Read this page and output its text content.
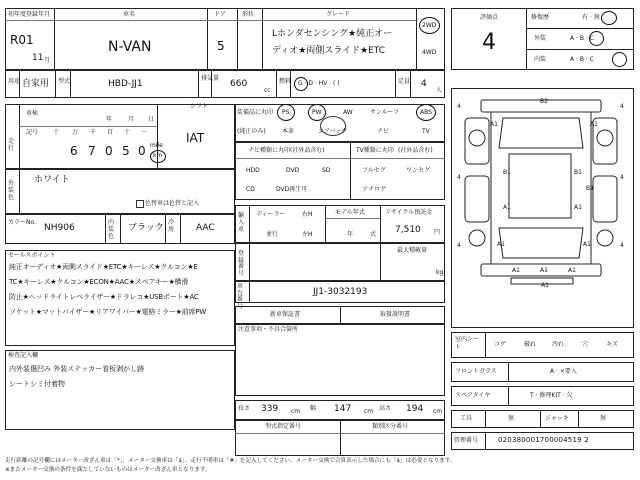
初年度登録年月
R01
11 月
車名
N-VAN
ドア
5
形状	グレード
Lホンダセンシング★純正オー
ディオ★両側スライド★ETC
2WD
4WD
用途 自家用 型式	HBD-JJ1
排気量
660
cc
燃料 G · D · HV · ( )	定員 4
人
評価点
4
修復歴	有 · 無
外装	A · B · C
内装	A · B · C
車検
年	月 日
走行
記号 十 万 千 百 十 一
6 7 0 5 0 mile
km
シフト
IAT
装備品に丸印
(純正のみ)
PS	PW	AW	サンルーフ	ABS
本革	エアバック	ナビ	TV
ナビ種類に丸印 (社外品含む)
HDD	DVD	SD
CD	DVD再生可
TV種類に丸印 (社外品含む)
フルセグ	ワンセグ
アナログ
外装色
ホワイト
色替車は色替と記入
カラーNo.
NH906
内装色
ブラック
冷房	AAC
輸入車
ディーラー
並行
右H
左H
モデル年式
年	式
リサイクル預託金
7,510 円
登録番号
最大積載量
kg
車台番号
JJ1-3032193
セールスポイント
純正オーディオ★両側スライド★ETC★キーレス★クルコン★E
TC★キーレス★クルコン★ECON★AAC★スペアキー★横滑
防止★ヘッドライトレベライザー★ドラレコ★USBポート★AC
ソケット★マットバイザー★リアワイパー★電格ミラー★前席PW	新車保証書	取扱説明書
注意事項・不具合箇所
検査記入欄
内外装傷凹み 外装ステッカー看板剥がし跡
シートシミ付着物
長さ 339 cm 幅 147 cm 高さ 194 cm
型式指定番号	類別区分番号
4	4
4	4
4	4
B2
A1	A1
B1	B1
A1	A1
B1
A1	A1
A1	A1	A1
A1
室内シート	コゲ	破れ	汚れ	穴	キズ
フロントガラス	A · ×要入
スペアタイヤ	T · 修理KIT · 欠
工具	無	ジャッキ	無
管理番号	020380001700004519 2
走行距離の記号欄にはメーター改ざん車は「*」、メーター交換車は「$」、走行不明車は「#」を記入してください。メーター交換で合算表示した場合にも「$」は必要となります。
※またメーター交換の条件を満たしていないものはメーター改ざん車となります。
